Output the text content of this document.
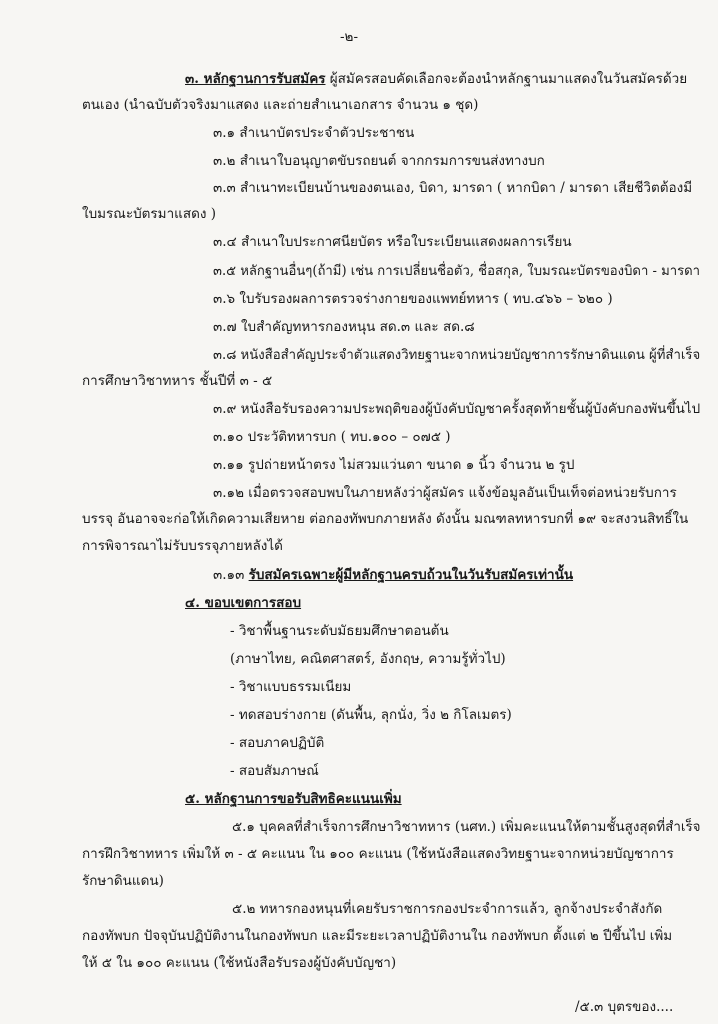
-๒-
๓. หลักฐานการรับสมัคร ผู้สมัครสอบคัดเลือกจะต้องนำหลักฐานมาแสดงในวันสมัครด้วย
ตนเอง (นำฉบับตัวจริงมาแสดง และถ่ายสำเนาเอกสาร จำนวน ๑ ชุด)
๓.๑ สำเนาบัตรประจำตัวประชาชน
๓.๒ สำเนาใบอนุญาตขับรถยนต์ จากกรมการขนส่งทางบก
๓.๓ สำเนาทะเบียนบ้านของตนเอง, บิดา, มารดา ( หากบิดา / มารดา เสียชีวิตต้องมี
ใบมรณะบัตรมาแสดง )
๓.๔ สำเนาใบประกาศนียบัตร หรือใบระเบียนแสดงผลการเรียน
๓.๕ หลักฐานอื่นๆ(ถ้ามี) เช่น การเปลี่ยนชื่อตัว, ชื่อสกุล, ใบมรณะบัตรของบิดา - มารดา
๓.๖ ใบรับรองผลการตรวจร่างกายของแพทย์ทหาร ( ทบ.๔๖๖ – ๖๒๐ )
๓.๗ ใบสำคัญทหารกองหนุน สด.๓ และ สด.๘
๓.๘ หนังสือสำคัญประจำตัวแสดงวิทยฐานะจากหน่วยบัญชาการรักษาดินแดน ผู้ที่สำเร็จ
การศึกษาวิชาทหาร ชั้นปีที่ ๓ - ๕
๓.๙ หนังสือรับรองความประพฤติของผู้บังคับบัญชาครั้งสุดท้ายชั้นผู้บังคับกองพันขึ้นไป
๓.๑๐ ประวัติทหารบก ( ทบ.๑๐๐ – ๐๗๕ )
๓.๑๑ รูปถ่ายหน้าตรง ไม่สวมแว่นตา ขนาด ๑ นิ้ว จำนวน ๒ รูป
๓.๑๒ เมื่อตรวจสอบพบในภายหลังว่าผู้สมัคร แจ้งข้อมูลอันเป็นเท็จต่อหน่วยรับการ
บรรจุ อันอาจจะก่อให้เกิดความเสียหาย ต่อกองทัพบกภายหลัง ดังนั้น มณฑลทหารบกที่ ๑๙ จะสงวนสิทธิ์ใน
การพิจารณาไม่รับบรรจุภายหลังได้
๓.๑๓ รับสมัครเฉพาะผู้มีหลักฐานครบถ้วนในวันรับสมัครเท่านั้น
๔. ขอบเขตการสอบ
- วิชาพื้นฐานระดับมัธยมศึกษาตอนต้น
(ภาษาไทย, คณิตศาสตร์, อังกฤษ, ความรู้ทั่วไป)
- วิชาแบบธรรมเนียม
- ทดสอบร่างกาย (ดันพื้น, ลุกนั่ง, วิ่ง ๒ กิโลเมตร)
- สอบภาคปฏิบัติ
- สอบสัมภาษณ์
๕. หลักฐานการขอรับสิทธิคะแนนเพิ่ม
๕.๑ บุคคลที่สำเร็จการศึกษาวิชาทหาร (นศท.) เพิ่มคะแนนให้ตามชั้นสูงสุดที่สำเร็จ
การฝึกวิชาทหาร เพิ่มให้ ๓ - ๕ คะแนน ใน ๑๐๐ คะแนน (ใช้หนังสือแสดงวิทยฐานะจากหน่วยบัญชาการ
รักษาดินแดน)
๕.๒ ทหารกองหนุนที่เคยรับราชการกองประจำการแล้ว, ลูกจ้างประจำสังกัด
กองทัพบก ปัจจุบันปฏิบัติงานในกองทัพบก และมีระยะเวลาปฏิบัติงานใน กองทัพบก ตั้งแต่ ๒ ปีขึ้นไป เพิ่ม
ให้ ๕ ใน ๑๐๐ คะแนน (ใช้หนังสือรับรองผู้บังคับบัญชา)
/๕.๓ บุตรของ....
